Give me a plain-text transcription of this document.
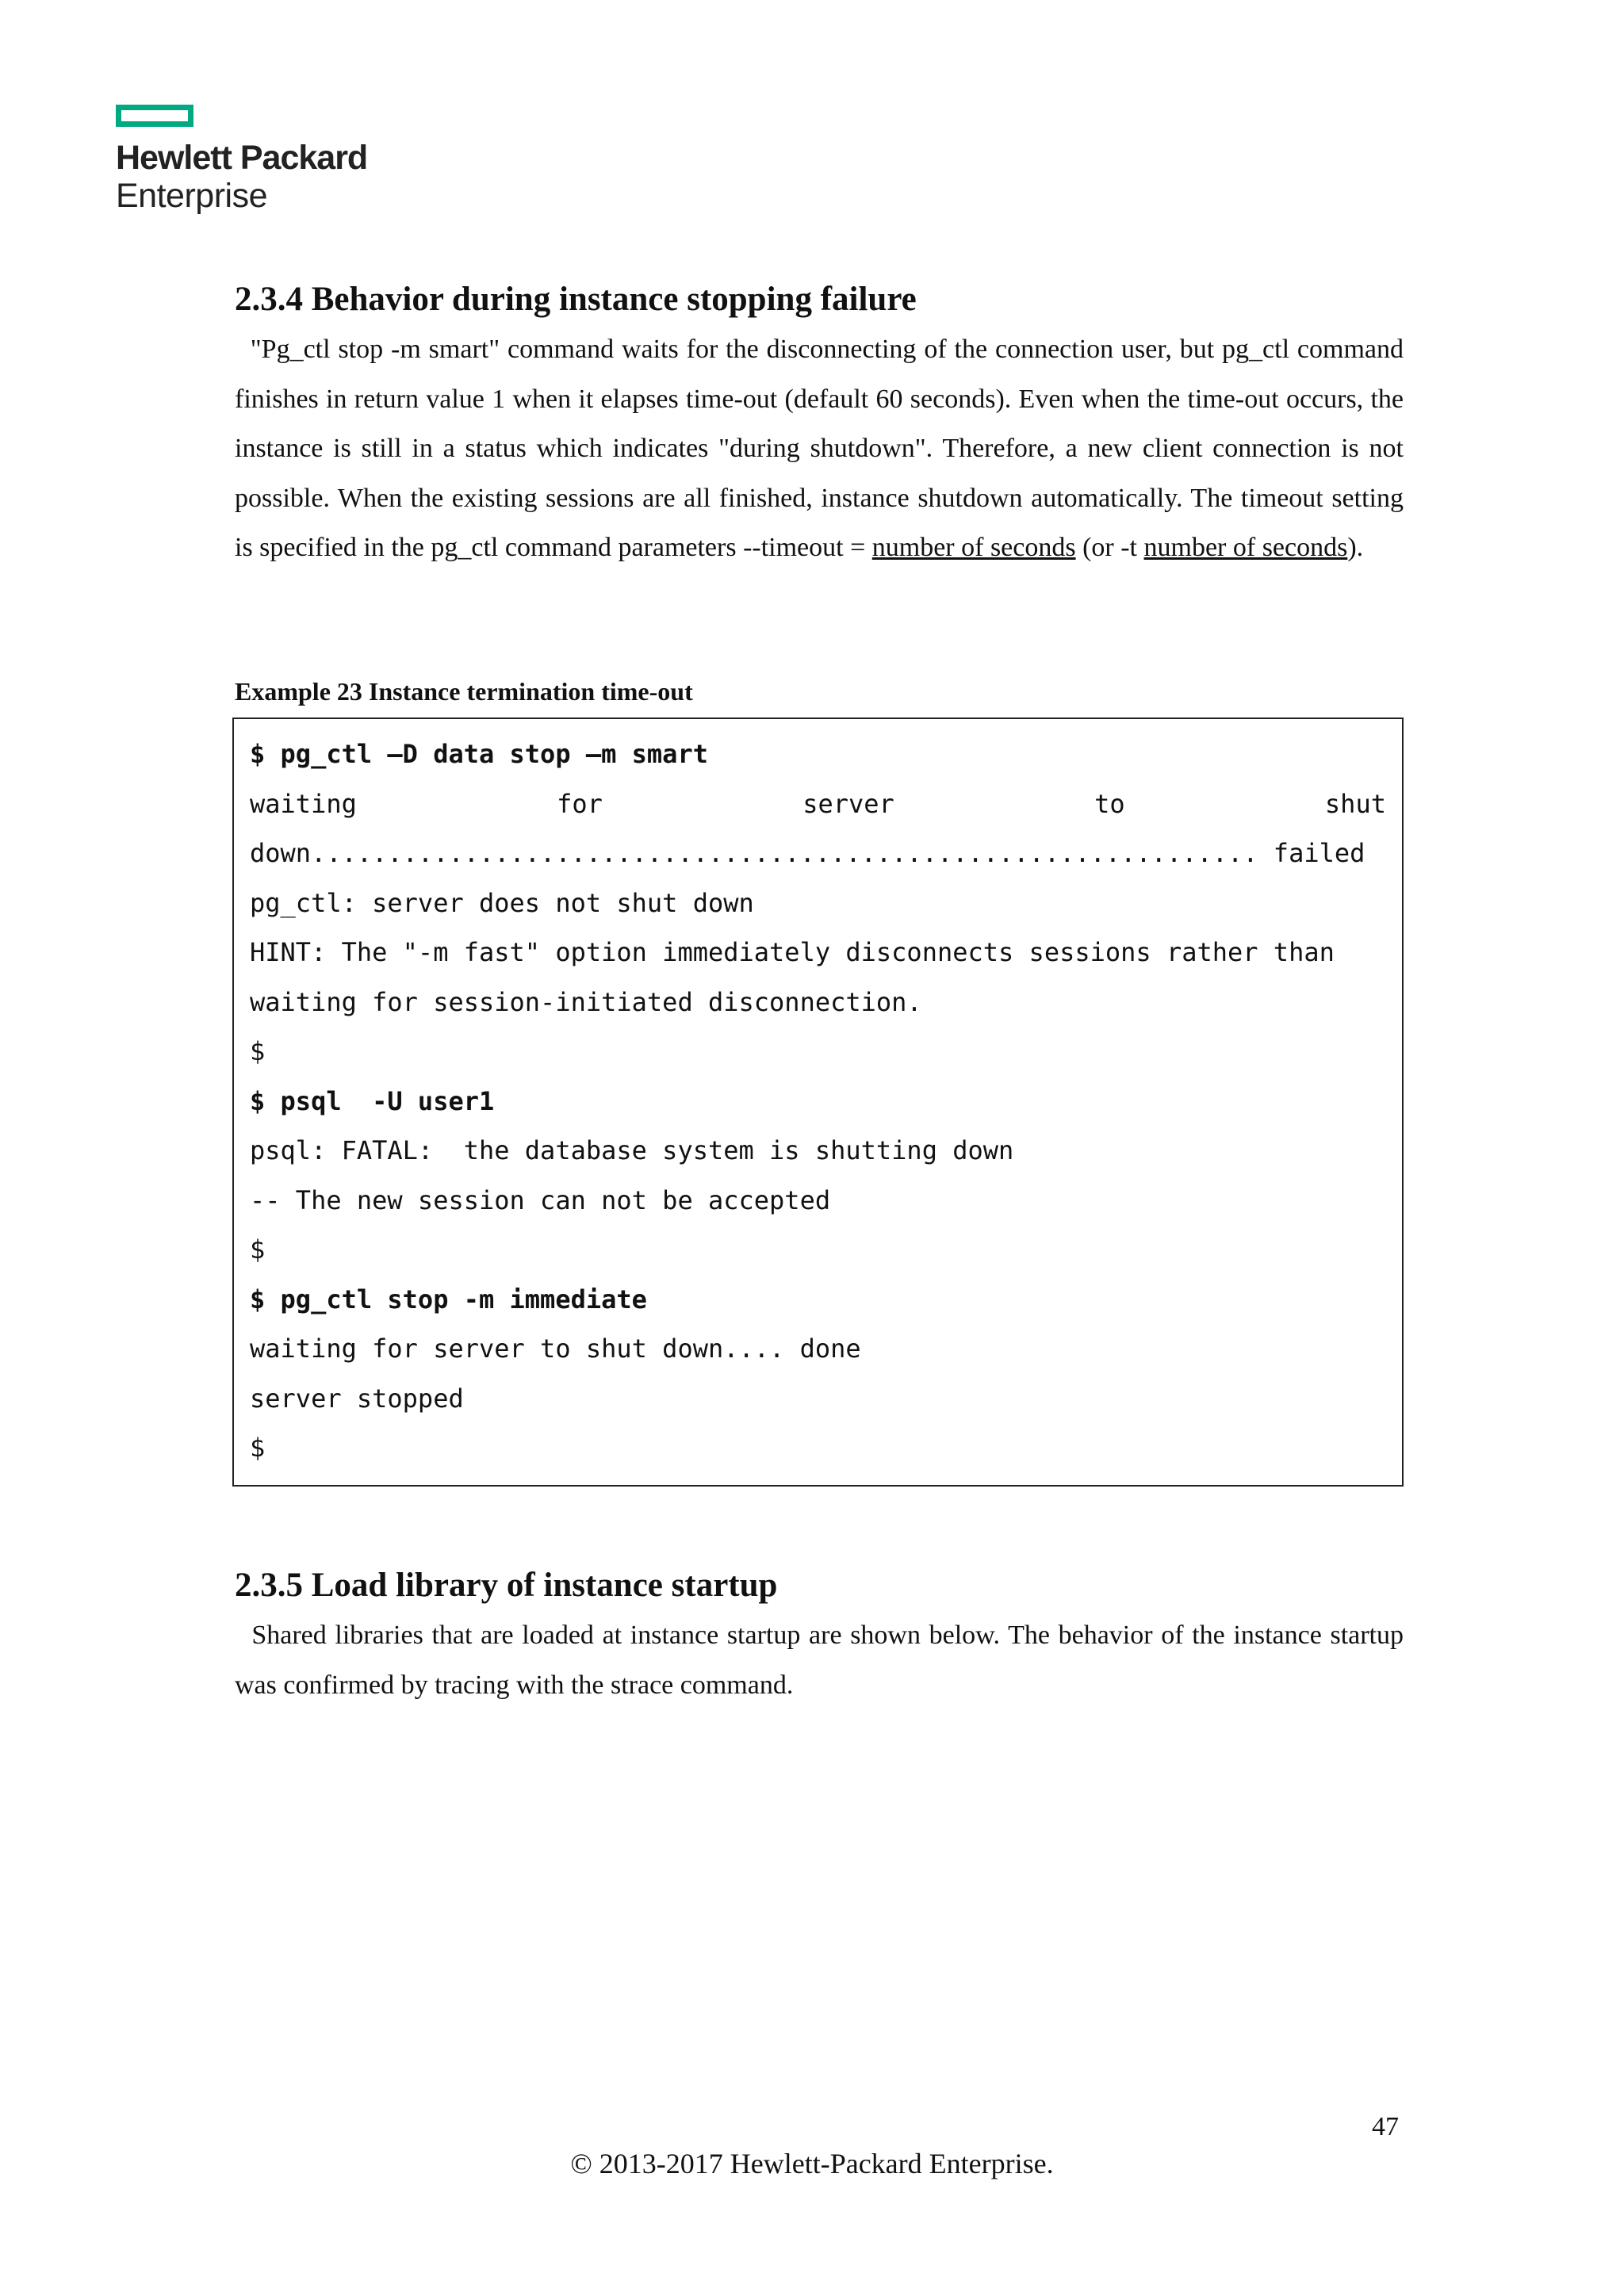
Hewlett Packard
Enterprise
2.3.4 Behavior during instance stopping failure

"Pg_ctl stop -m smart" command waits for the disconnecting of the connection user, but pg_ctl command finishes in return value 1 when it elapses time-out (default 60 seconds). Even when the time-out occurs, the instance is still in a status which indicates "during shutdown". Therefore, a new client connection is not possible. When the existing sessions are all finished, instance shutdown automatically. The timeout setting is specified in the pg_ctl command parameters --timeout = number of seconds (or -t number of seconds).

Example 23 Instance termination time-out
$ pg_ctl –D data stop –m smart
waiting	for	server	to	shut
down.............................................................. failed
pg_ctl: server does not shut down
HINT: The "-m fast" option immediately disconnects sessions rather than
waiting for session-initiated disconnection.
$
$ psql  -U user1
psql: FATAL:  the database system is shutting down
-- The new session can not be accepted
$
$ pg_ctl stop -m immediate
waiting for server to shut down.... done
server stopped
$
2.3.5 Load library of instance startup

Shared libraries that are loaded at instance startup are shown below. The behavior of the instance startup was confirmed by tracing with the strace command.

47
© 2013-2017 Hewlett-Packard Enterprise.
